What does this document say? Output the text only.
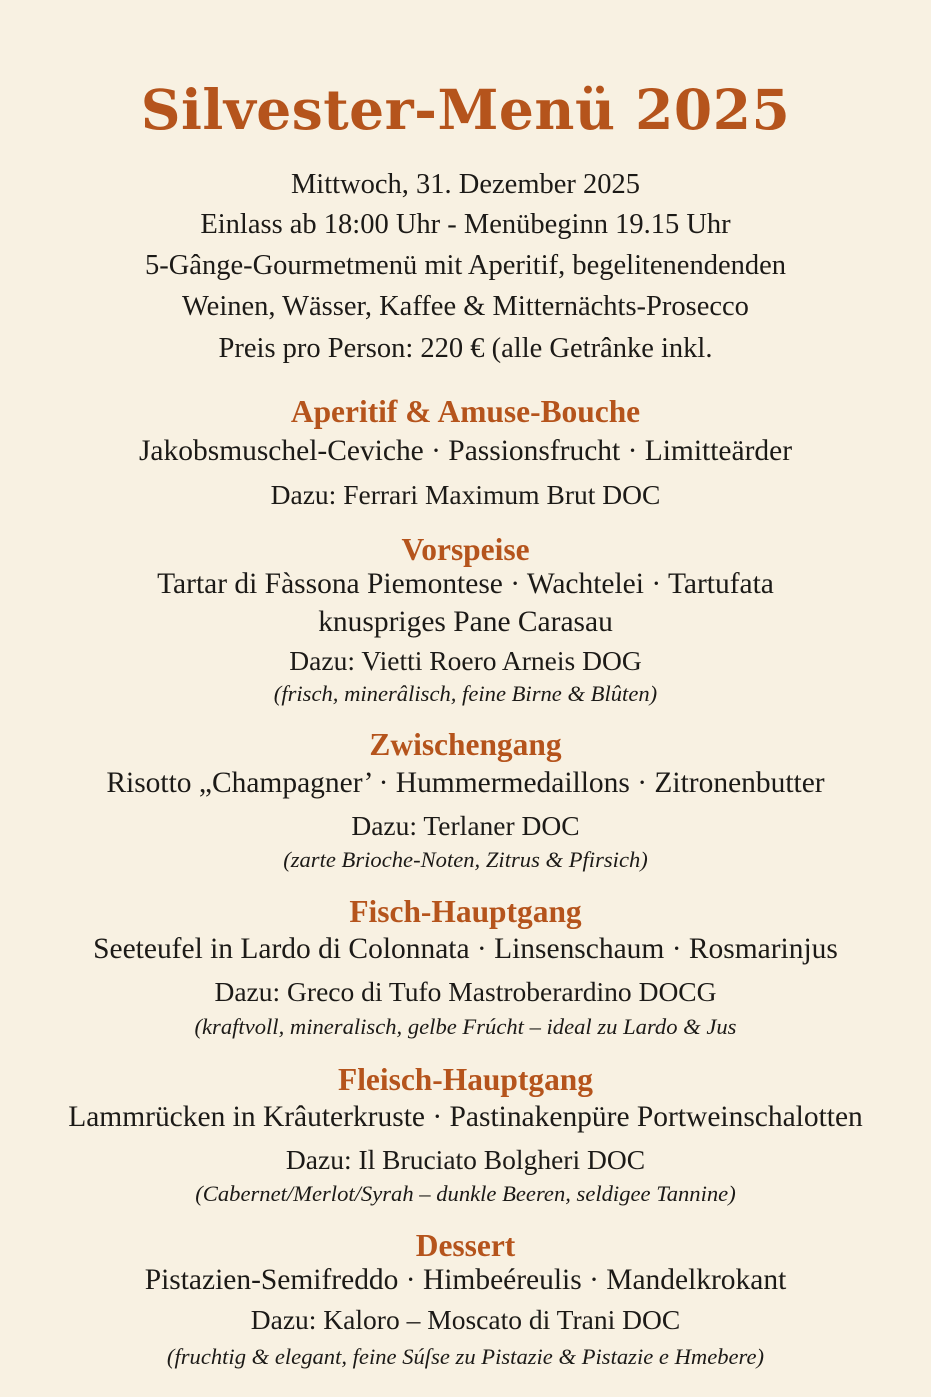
Silvester-Menü 2025

Mittwoch, 31. Dezember 2025

Einlass ab 18:00 Uhr - Menübeginn 19.15 Uhr

5-Gânge-Gourmetmenü mit Aperitif, begelitenendenden

Weinen, Wässer, Kaffee & Mitternächts-Prosecco

Preis pro Person: 220 € (alle Getrânke inkl.

Aperitif & Amuse-Bouche

Jakobsmuschel-Ceviche · Passionsfrucht · Limitteärder

Dazu: Ferrari Maximum Brut DOC

Vorspeise

Tartar di Fàssona Piemontese · Wachtelei · Tartufata

knuspriges Pane Carasau

Dazu: Vietti Roero Arneis DOG

(frisch, minerâlisch, feine Birne & Blûten)

Zwischengang

Risotto „Champagner’ · Hummermedaillons · Zitronenbutter

Dazu: Terlaner DOC

(zarte Brioche-Noten, Zitrus & Pfirsich)

Fisch-Hauptgang

Seeteufel in Lardo di Colonnata · Linsenschaum · Rosmarinjus

Dazu: Greco di Tufo Mastroberardino DOCG

(kraftvoll, mineralisch, gelbe Frúcht – ideal zu Lardo & Jus

Fleisch-Hauptgang

Lammrücken in Krâuterkruste · Pastinakenpüre Portweinschalotten

Dazu: Il Bruciato Bolgheri DOC

(Cabernet/Merlot/Syrah – dunkle Beeren, seldigee Tannine)

Dessert

Pistazien-Semifreddo · Himbeéreulis · Mandelkrokant

Dazu: Kaloro – Moscato di Trani DOC

(fruchtig & elegant, feine Súſse zu Pistazie & Pistazie e Hmebere)
